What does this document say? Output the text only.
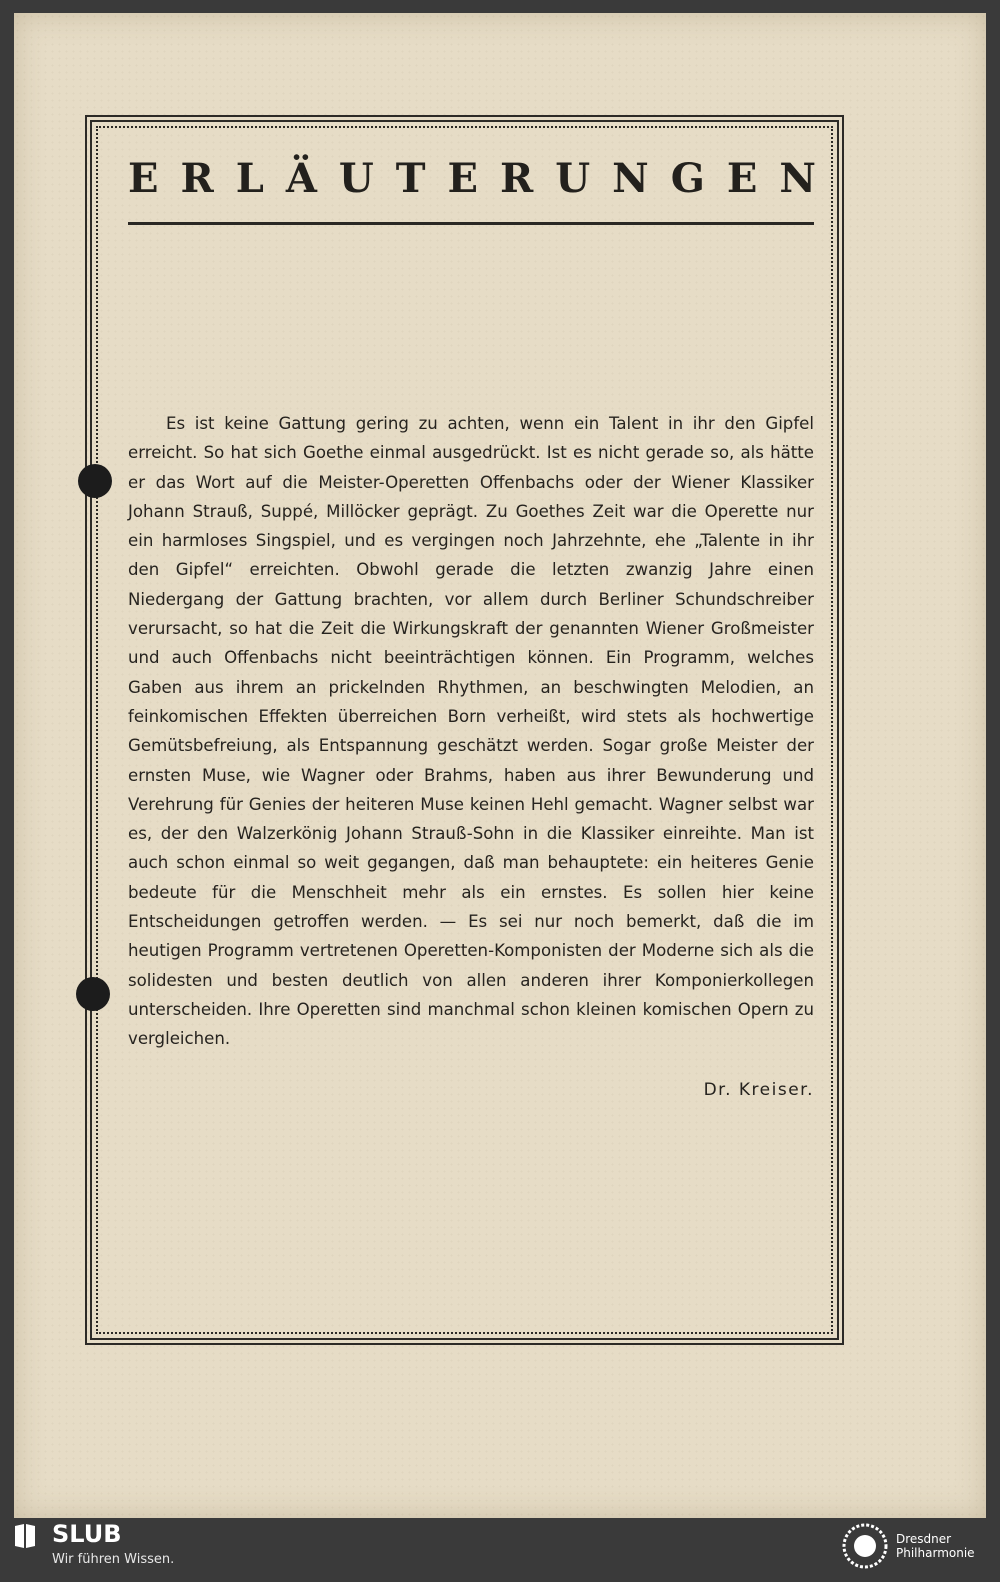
ERLÄUTERUNGEN

Es ist keine Gattung gering zu achten, wenn ein Talent in ihr den Gipfel erreicht. So hat sich Goethe einmal ausgedrückt. Ist es nicht gerade so, als hätte er das Wort auf die Meister-Operetten Offenbachs oder der Wiener Klassiker Johann Strauß, Suppé, Millöcker geprägt. Zu Goethes Zeit war die Operette nur ein harmloses Singspiel, und es vergingen noch Jahrzehnte, ehe „Talente in ihr den Gipfel“ erreichten. Obwohl gerade die letzten zwanzig Jahre einen Niedergang der Gattung brachten, vor allem durch Berliner Schundschreiber verursacht, so hat die Zeit die Wirkungskraft der genannten Wiener Großmeister und auch Offenbachs nicht beeinträchtigen können. Ein Programm, welches Gaben aus ihrem an prickelnden Rhythmen, an beschwingten Melodien, an feinkomischen Effekten überreichen Born verheißt, wird stets als hochwertige Gemütsbefreiung, als Entspannung geschätzt werden. Sogar große Meister der ernsten Muse, wie Wagner oder Brahms, haben aus ihrer Bewunderung und Verehrung für Genies der heiteren Muse keinen Hehl gemacht. Wagner selbst war es, der den Walzerkönig Johann Strauß-Sohn in die Klassiker einreihte. Man ist auch schon einmal so weit gegangen, daß man behauptete: ein heiteres Genie bedeute für die Menschheit mehr als ein ernstes. Es sollen hier keine Entscheidungen getroffen werden. — Es sei nur noch bemerkt, daß die im heutigen Programm vertretenen Operetten-Komponisten der Moderne sich als die solidesten und besten deutlich von allen anderen ihrer Komponierkollegen unterscheiden. Ihre Operetten sind manchmal schon kleinen komischen Opern zu vergleichen.

Dr. Kreiser.

SLUB

Wir führen Wissen.

Dresdner
Philharmonie
